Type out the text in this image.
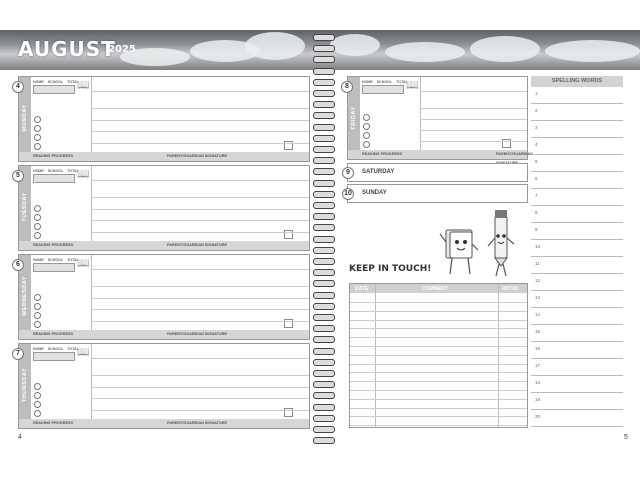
AUGUST
2025
MONDAY
HOME SCHOOL TOTAL
📖
READING PROGRESS	PARENT/GUARDIAN SIGNATURE
4
TUESDAY
HOME SCHOOL TOTAL
📖
READING PROGRESS	PARENT/GUARDIAN SIGNATURE
5
WEDNESDAY
HOME SCHOOL TOTAL
📖
READING PROGRESS	PARENT/GUARDIAN SIGNATURE
6
THURSDAY
HOME SCHOOL TOTAL
📖
READING PROGRESS	PARENT/GUARDIAN SIGNATURE
7
FRIDAY
HOME SCHOOL TOTAL
📖
READING PROGRESS	PARENT/GUARDIAN
8
9	SATURDAY
10	SUNDAY
KEEP IN TOUCH!
DATE	COMMENT	INITIAL
SPELLING WORDS
1
2
3
4
5
6
7
8
9
10
11
12
13
14
15
16
17
18
19
20
4	5
